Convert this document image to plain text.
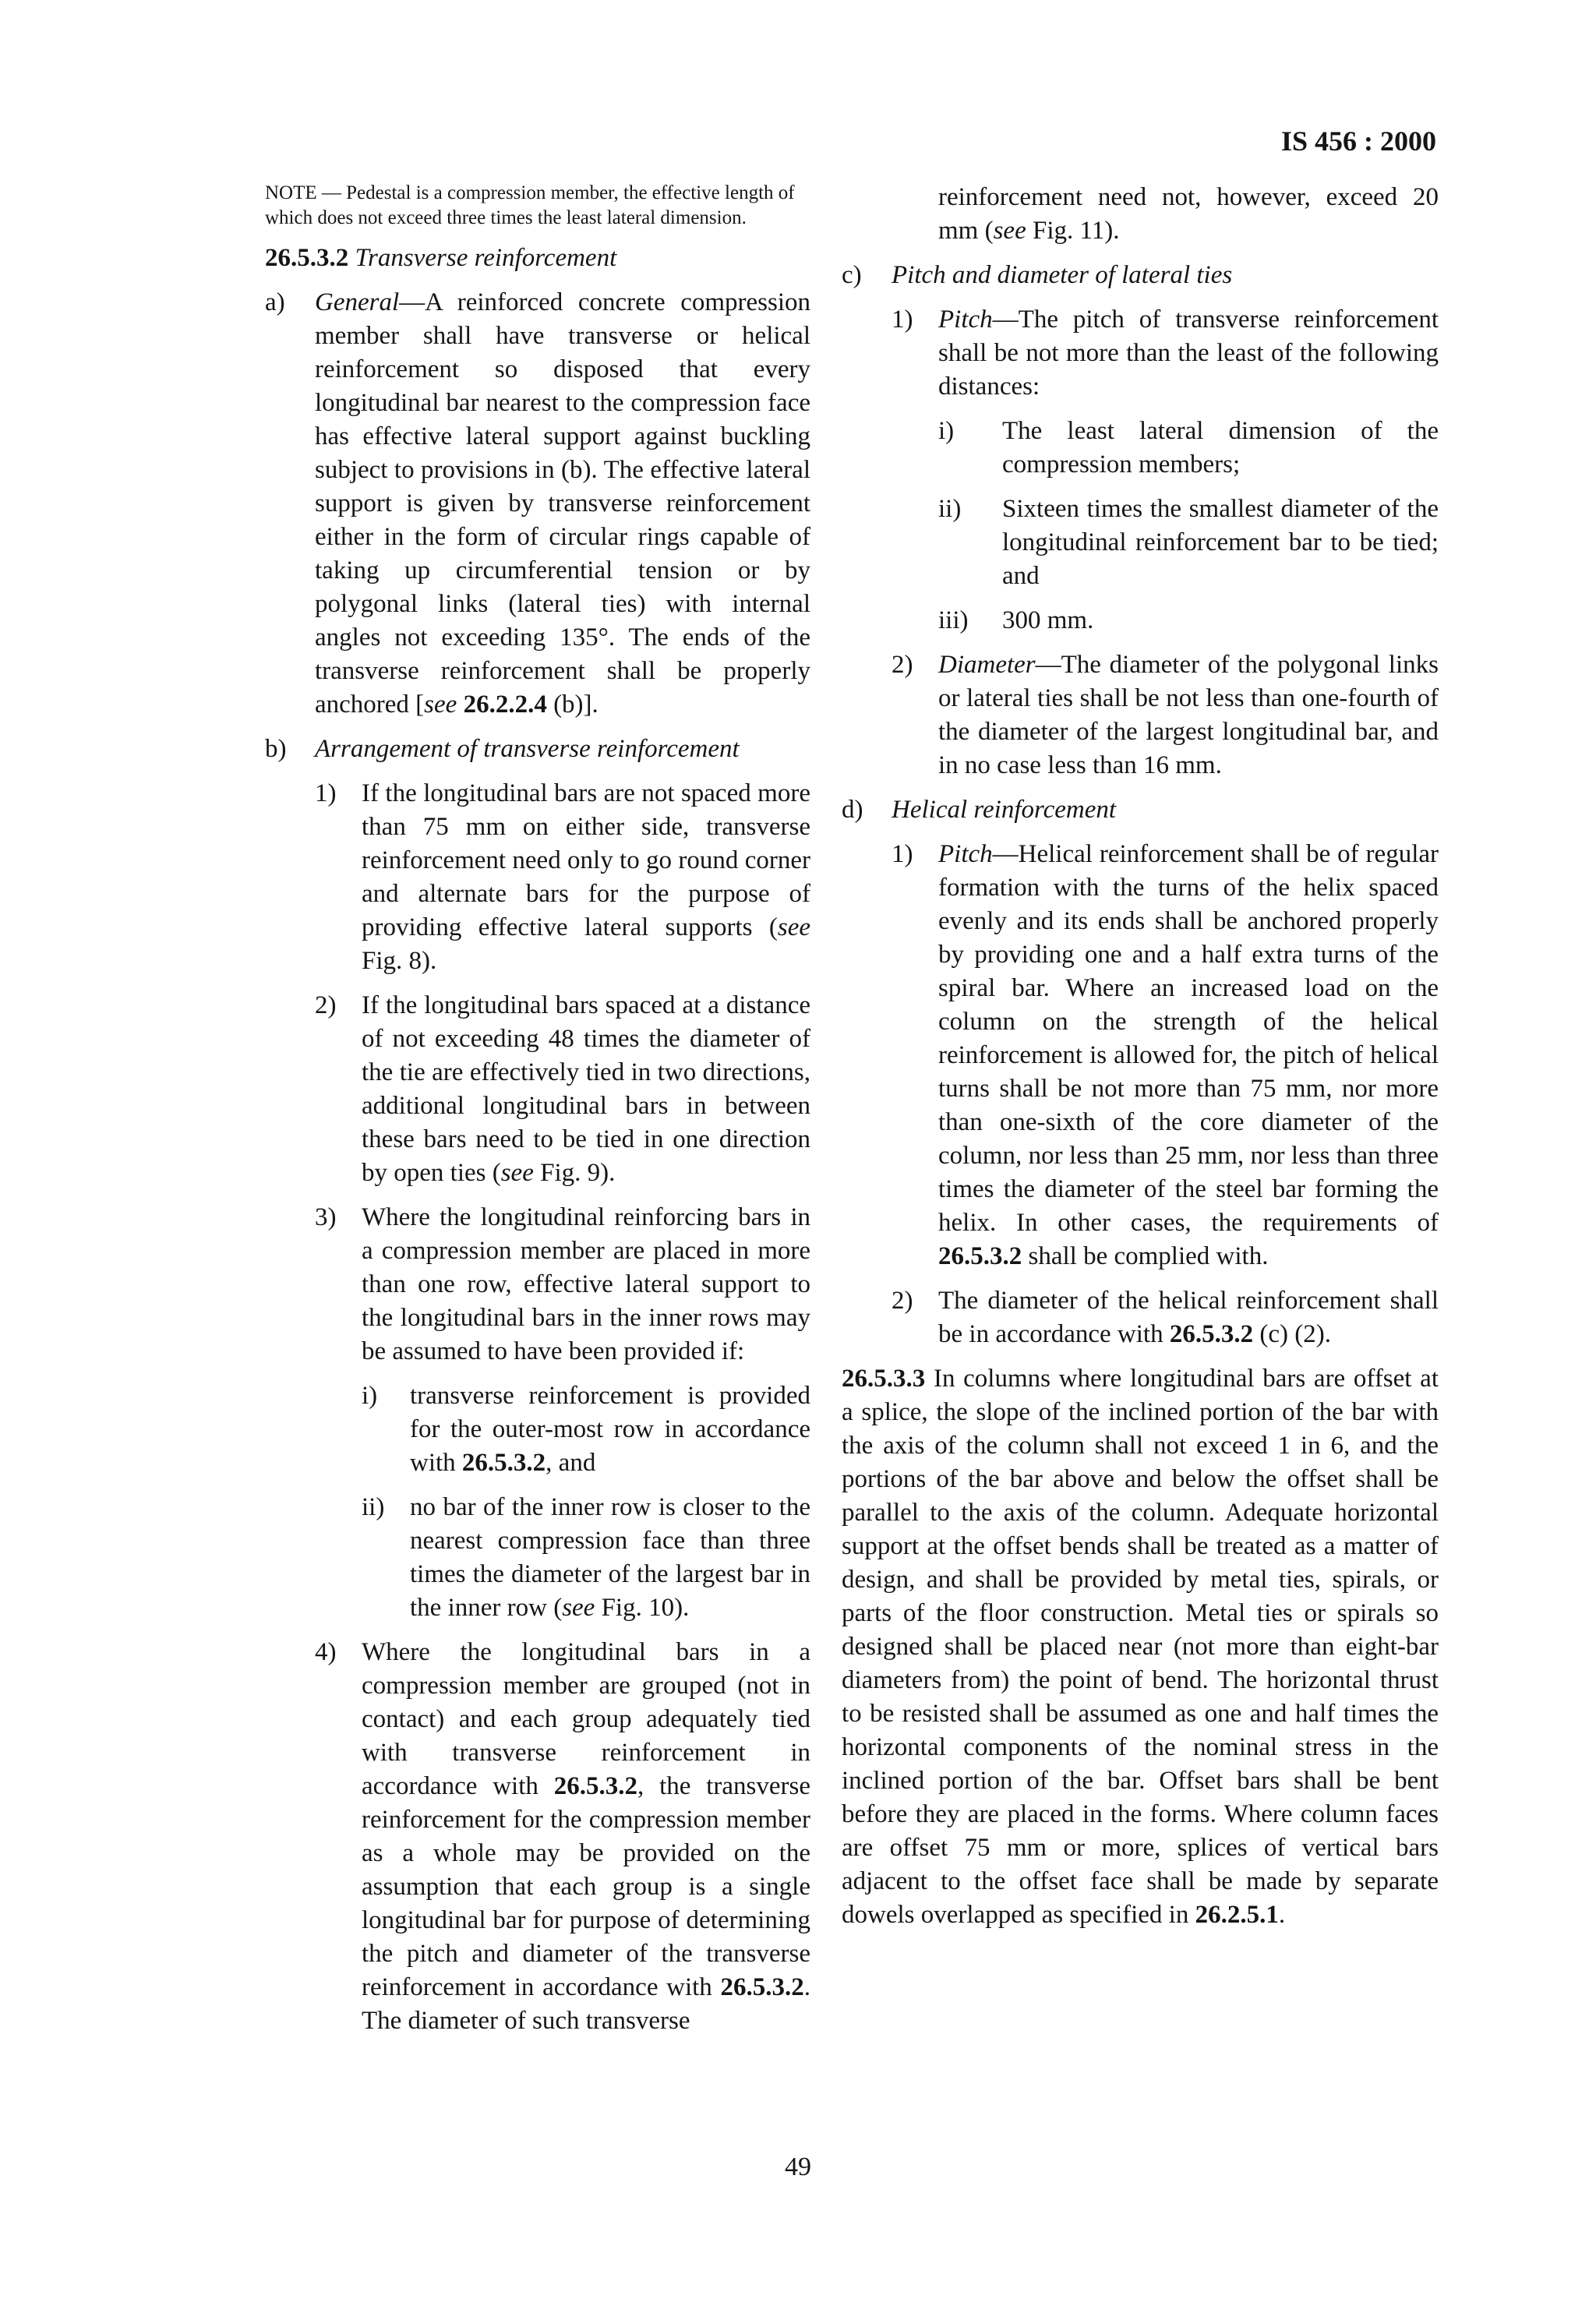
IS 456 : 2000

NOTE — Pedestal is a compression member, the effective length of which does not exceed three times the least lateral dimension.

26.5.3.2 Transverse reinforcement

a)	General—A reinforced concrete compression member shall have transverse or helical reinforcement so disposed that every longitudinal bar nearest to the compression face has effective lateral support against buckling subject to provisions in (b). The effective lateral support is given by transverse reinforcement either in the form of circular rings capable of taking up circumferential tension or by polygonal links (lateral ties) with internal angles not exceeding 135°. The ends of the transverse reinforcement shall be properly anchored [see 26.2.2.4 (b)].
b)	Arrangement of transverse reinforcement
1) If the longitudinal bars are not spaced more than 75 mm on either side, transverse reinforcement need only to go round corner and alternate bars for the purpose of providing effective lateral supports (see Fig. 8).
2) If the longitudinal bars spaced at a distance of not exceeding 48 times the diameter of the tie are effectively tied in two directions, additional longitudinal bars in between these bars need to be tied in one direction by open ties (see Fig. 9).
3) Where the longitudinal reinforcing bars in a compression member are placed in more than one row, effective lateral support to the longitudinal bars in the inner rows may be assumed to have been provided if:
i)	transverse reinforcement is provided for the outer-most row in accordance with 26.5.3.2, and
ii) no bar of the inner row is closer to the nearest compression face than three times the diameter of the largest bar in the inner row (see Fig. 10).
4) Where the longitudinal bars in a compression member are grouped (not in contact) and each group adequately tied with transverse reinforcement in accordance with 26.5.3.2, the transverse reinforcement for the compression member as a whole may be provided on the assumption that each group is a single longitudinal bar for purpose of determining the pitch and diameter of the transverse reinforcement in accordance with 26.5.3.2. The diameter of such transverse
reinforcement need not, however, exceed 20 mm (see Fig. 11).
c)	Pitch and diameter of lateral ties
1) Pitch—The pitch of transverse reinforcement shall be not more than the least of the following distances:
i)	The least lateral dimension of the compression members;
ii)	Sixteen times the smallest diameter of the longitudinal reinforcement bar to be tied; and
iii)	300 mm.
2) Diameter—The diameter of the polygonal links or lateral ties shall be not less than one-fourth of the diameter of the largest longitudinal bar, and in no case less than 16 mm.
d)	Helical reinforcement
1) Pitch—Helical reinforcement shall be of regular formation with the turns of the helix spaced evenly and its ends shall be anchored properly by providing one and a half extra turns of the spiral bar. Where an increased load on the column on the strength of the helical reinforcement is allowed for, the pitch of helical turns shall be not more than 75 mm, nor more than one-sixth of the core diameter of the column, nor less than 25 mm, nor less than three times the diameter of the steel bar forming the helix. In other cases, the requirements of 26.5.3.2 shall be complied with.
2) The diameter of the helical reinforcement shall be in accordance with 26.5.3.2 (c) (2).

26.5.3.3 In columns where longitudinal bars are offset at a splice, the slope of the inclined portion of the bar with the axis of the column shall not exceed 1 in 6, and the portions of the bar above and below the offset shall be parallel to the axis of the column. Adequate horizontal support at the offset bends shall be treated as a matter of design, and shall be provided by metal ties, spirals, or parts of the floor construction. Metal ties or spirals so designed shall be placed near (not more than eight-bar diameters from) the point of bend. The horizontal thrust to be resisted shall be assumed as one and half times the horizontal components of the nominal stress in the inclined portion of the bar. Offset bars shall be bent before they are placed in the forms. Where column faces are offset 75 mm or more, splices of vertical bars adjacent to the offset face shall be made by separate dowels overlapped as specified in 26.2.5.1.

49
